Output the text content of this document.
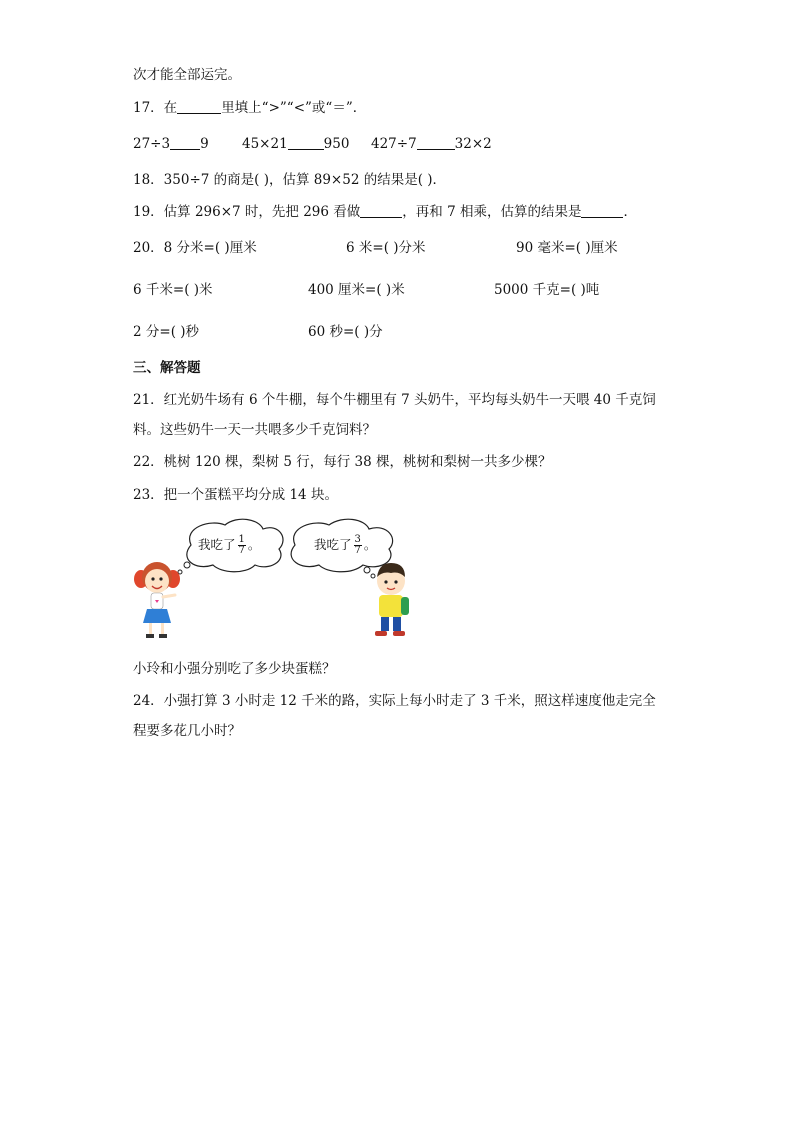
次才能全部运完。
17．在	里填上“>”“<”或“＝”．
27÷3 9 45×21	950 427÷7	32×2
18．350÷7 的商是( )，估算 89×52 的结果是( )．
19．估算 296×7 时，先把 296 看做	，再和 7 相乘，估算的结果是	．
20．8 分米=( )厘米	6 米=( )分米	90 毫米=( )厘米
6 千米=( )米	400 厘米=( )米	5000 千克=( )吨
2 分=( )秒	60 秒=( )分
三、解答题
21．红光奶牛场有 6 个牛棚，每个牛棚里有 7 头奶牛，平均每头奶牛一天喂 40 千克饲
料。这些奶牛一天一共喂多少千克饲料？
22．桃树 120 棵，梨树 5 行，每行 38 棵，桃树和梨树一共多少棵？
23．把一个蛋糕平均分成 14 块。
我吃了 $\frac{1}{7}$ 。	我吃了 $\frac{3}{7}$ 。
小玲和小强分别吃了多少块蛋糕？
24．小强打算 3 小时走 12 千米的路，实际上每小时走了 3 千米，照这样速度他走完全
程要多花几小时？
